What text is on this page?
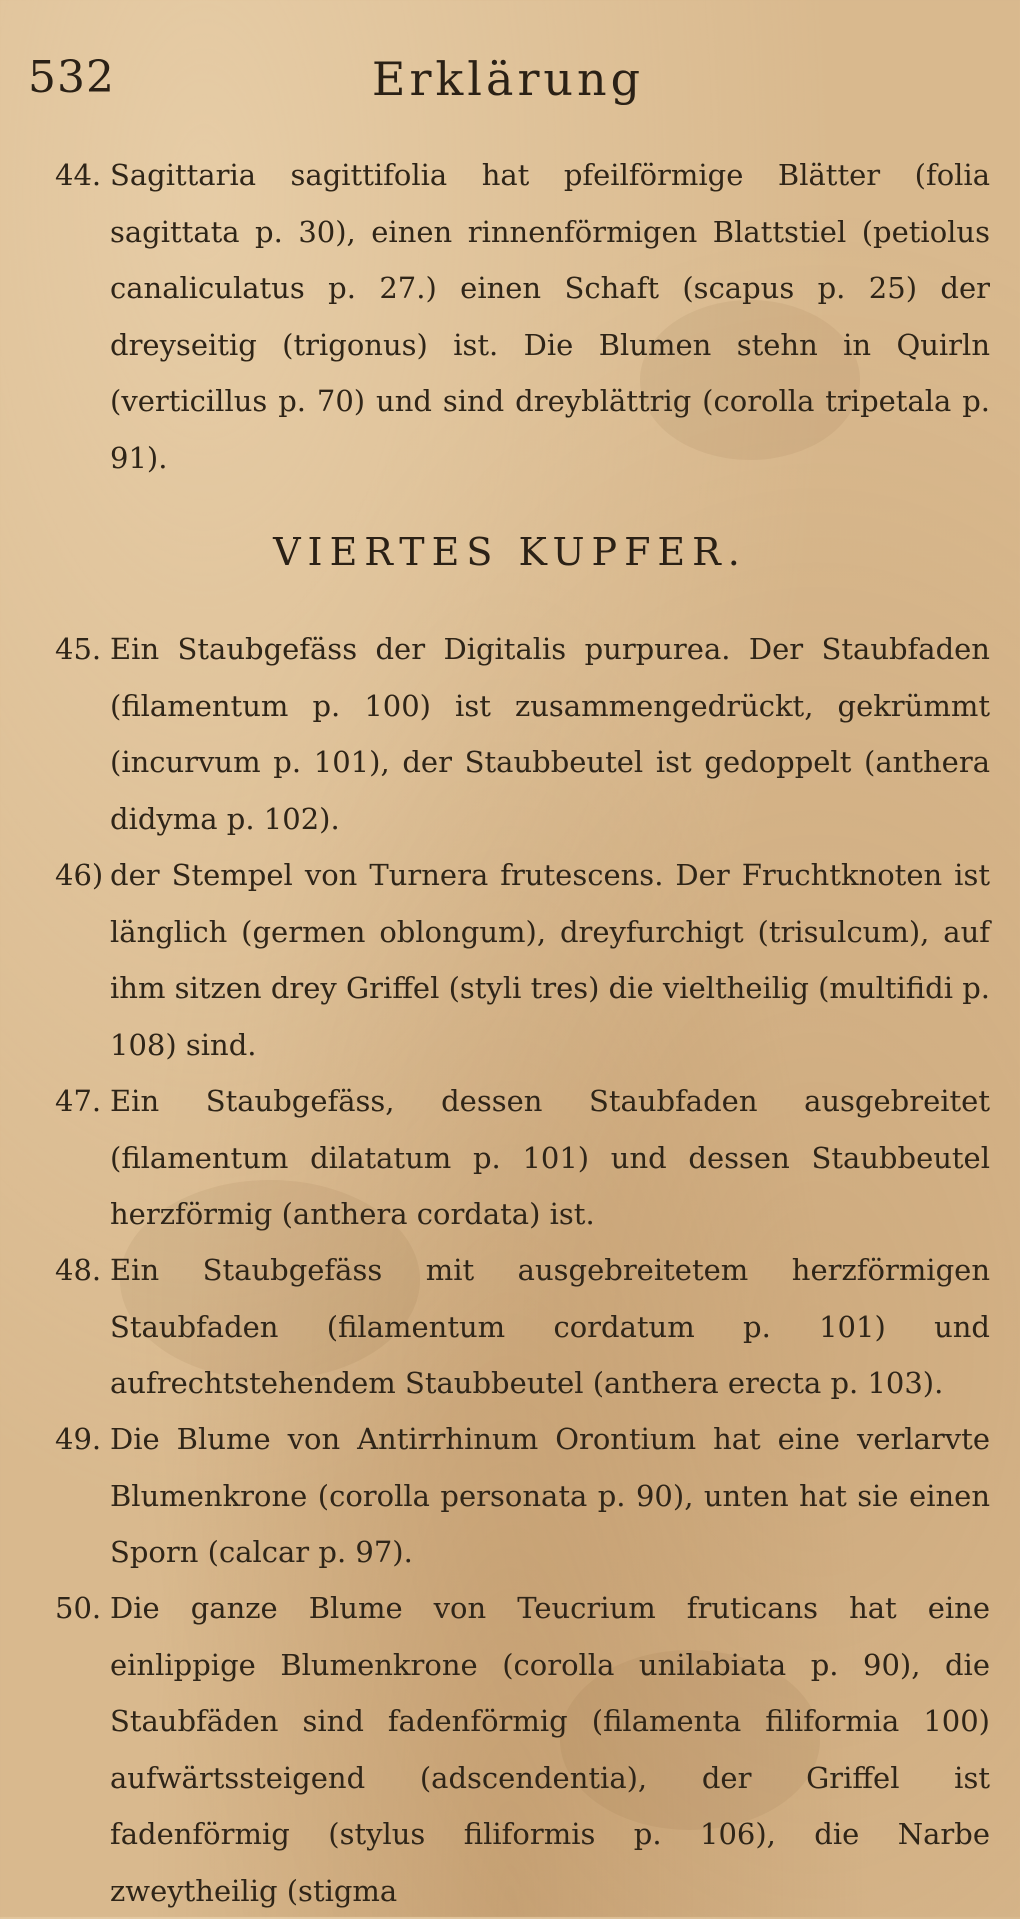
532	Erklärung
44. Sagittaria sagittifolia hat pfeilförmige Blätter (folia sagittata p. 30), einen rinnenförmigen Blattstiel (petiolus canaliculatus p. 27.) einen Schaft (scapus p. 25) der dreyseitig (trigonus) ist. Die Blumen stehn in Quirln (verticillus p. 70) und sind dreyblättrig (corolla tripetala p. 91).
VIERTES KUPFER.
45. Ein Staubgefäss der Digitalis purpurea. Der Staubfaden (filamentum p. 100) ist zusammengedrückt, gekrümmt (incurvum p. 101), der Staubbeutel ist gedoppelt (anthera didyma p. 102).
46) der Stempel von Turnera frutescens. Der Fruchtknoten ist länglich (germen oblongum), dreyfurchigt (trisulcum), auf ihm sitzen drey Griffel (styli tres) die vieltheilig (multifidi p. 108) sind.
47. Ein Staubgefäss, dessen Staubfaden ausgebreitet (filamentum dilatatum p. 101) und dessen Staubbeutel herzförmig (anthera cordata) ist.
48. Ein Staubgefäss mit ausgebreitetem herzförmigen Staubfaden (filamentum cordatum p. 101) und aufrechtstehendem Staubbeutel (anthera erecta p. 103).
49. Die Blume von Antirrhinum Orontium hat eine verlarvte Blumenkrone (corolla personata p. 90), unten hat sie einen Sporn (calcar p. 97).
50. Die ganze Blume von Teucrium fruticans hat eine einlippige Blumenkrone (corolla unilabiata p. 90), die Staubfäden sind fadenförmig (filamenta filiformia 100) aufwärtssteigend (adscendentia), der Griffel ist fadenförmig (stylus filiformis p. 106), die Narbe zweytheilig (stigma
